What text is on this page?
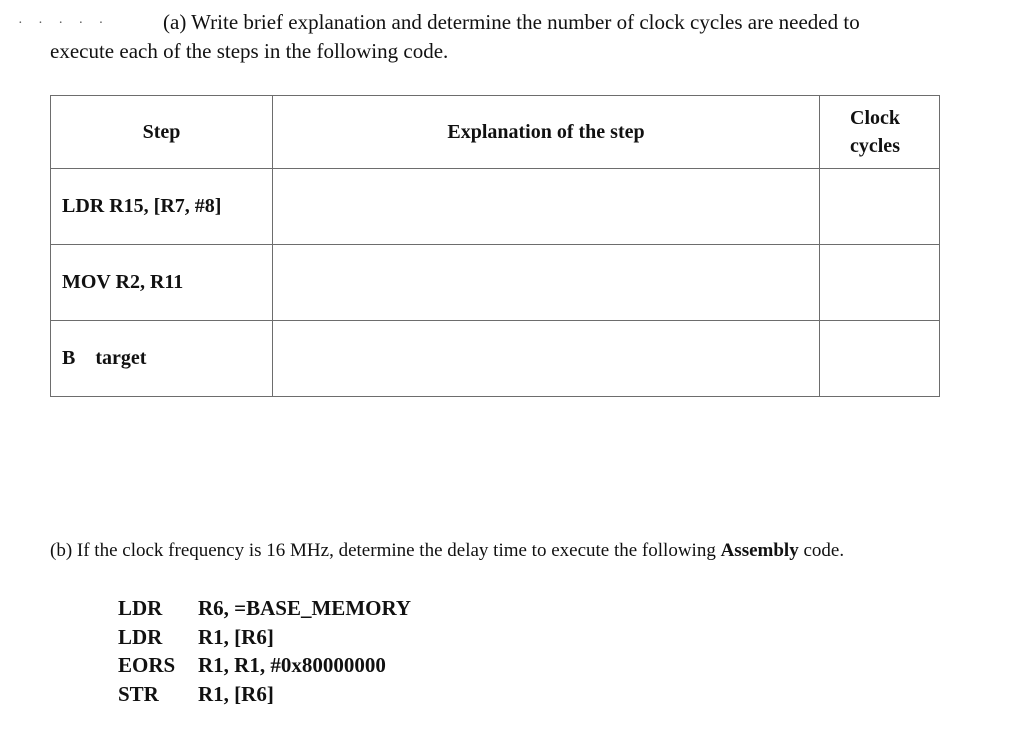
· · · · ·	(a) Write brief explanation and determine the number of clock cycles are needed to
execute each of the steps in the following code.
Step	Explanation of the step	Clock
cycles
LDR R15, [R7, #8]		
MOV R2, R11		
B    target		
(b) If the clock frequency is 16 MHz, determine the delay time to execute the following Assembly code.
LDR	R6, =BASE_MEMORY
LDR	R1, [R6]
EORS	R1, R1, #0x80000000
STR	R1, [R6]
